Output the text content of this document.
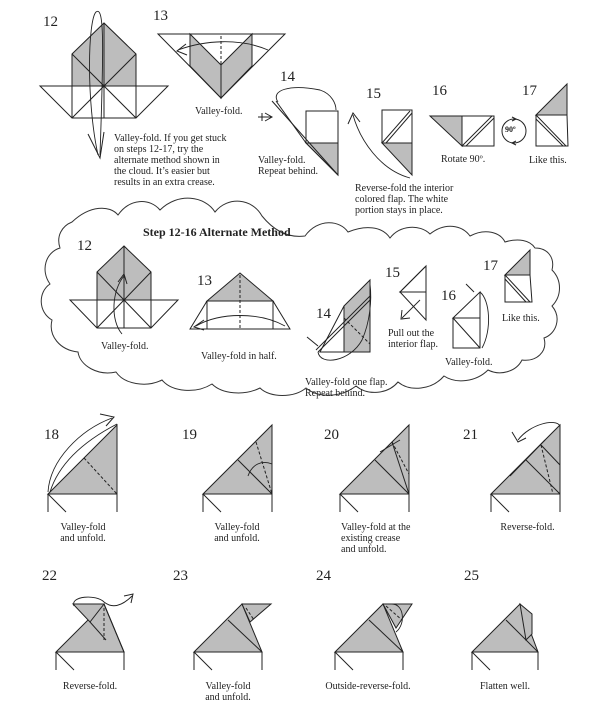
12
Valley-fold. If you get stuck
on steps 12-17, try the
alternate method shown in
the cloud. It’s easier but
results in an extra crease.
13
Valley-fold.
14
Valley-fold.
Repeat behind.
15
Reverse-fold the interior
colored flap. The white
portion stays in place.
16
Rotate 90º.
90º
17
Like this.
Step 12-16 Alternate Method
12
Valley-fold.
13
Valley-fold in half.
14
Valley-fold one flap.
Repeat behind.
15
Pull out the
interior flap.
16
Valley-fold.
17
Like this.
18
Valley-fold
and unfold.
19
Valley-fold
and unfold.
20
Valley-fold at the
existing crease
and unfold.
21
Reverse-fold.
22
Reverse-fold.
23
Valley-fold
and unfold.
24
Outside-reverse-fold.
25
Flatten well.
